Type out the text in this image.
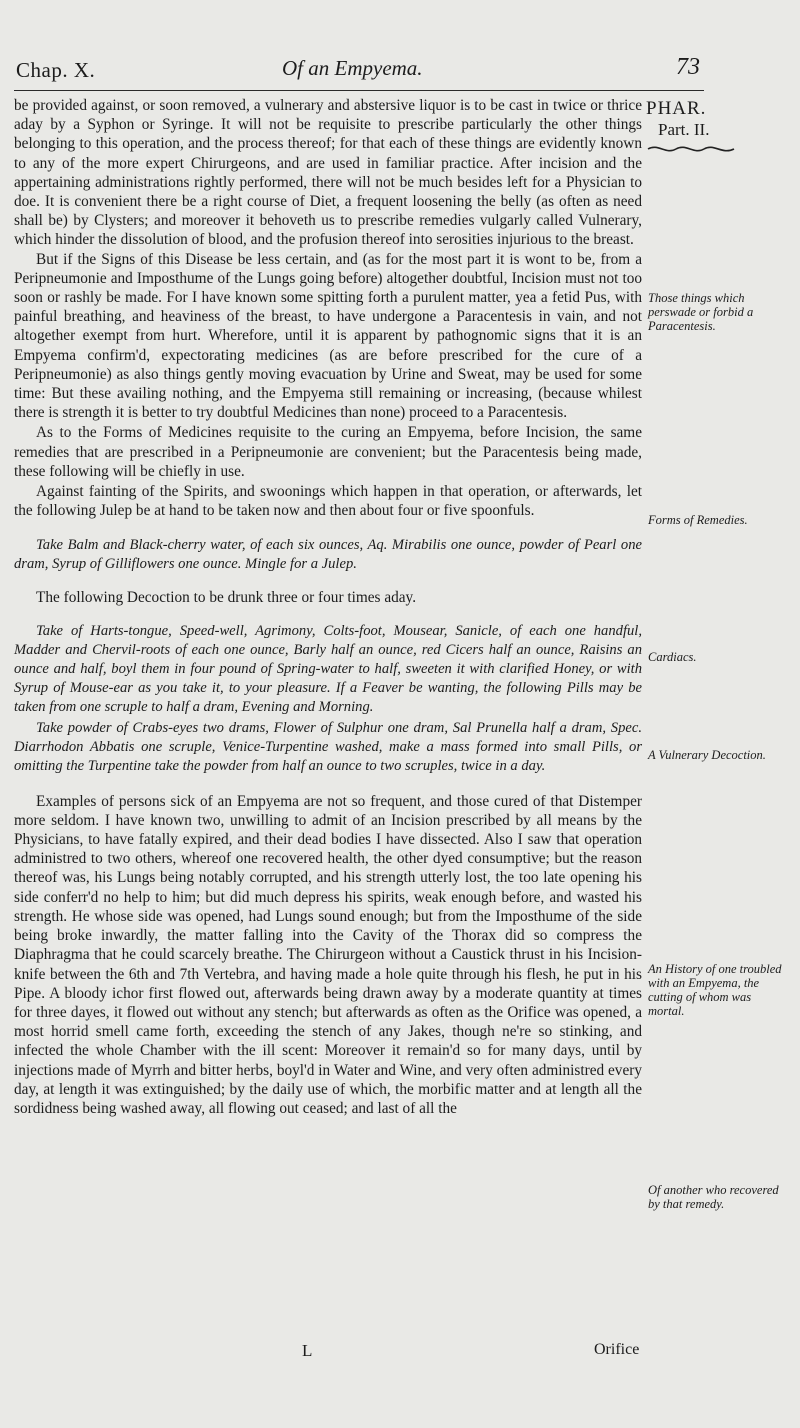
Chap. X.	Of an Empyema.	73
PHAR.
Part. II.

be provided against, or soon removed, a vulnerary and abstersive liquor is to be cast in twice or thrice aday by a Syphon or Syringe. It will not be requisite to prescribe particularly the other things belonging to this operation, and the process thereof; for that each of these things are evidently known to any of the more expert Chirurgeons, and are used in familiar practice. After incision and the appertaining administrations rightly performed, there will not be much besides left for a Physician to doe. It is convenient there be a right course of Diet, a frequent loosening the belly (as often as need shall be) by Clysters; and moreover it behoveth us to prescribe remedies vulgarly called Vulnerary, which hinder the dissolution of blood, and the profusion thereof into serosities injurious to the breast.

But if the Signs of this Disease be less certain, and (as for the most part it is wont to be, from a Peripneumonie and Imposthume of the Lungs going before) altogether doubtful, Incision must not too soon or rashly be made. For I have known some spitting forth a purulent matter, yea a fetid Pus, with painful breathing, and heaviness of the breast, to have undergone a Paracentesis in vain, and not altogether exempt from hurt. Wherefore, until it is apparent by pathognomic signs that it is an Empyema confirm'd, expectorating medicines (as are before prescribed for the cure of a Peripneumonie) as also things gently moving evacuation by Urine and Sweat, may be used for some time: But these availing nothing, and the Empyema still remaining or increasing, (because whilest there is strength it is better to try doubtful Medicines than none) proceed to a Paracentesis.

As to the Forms of Medicines requisite to the curing an Empyema, before Incision, the same remedies that are prescribed in a Peripneumonie are convenient; but the Paracentesis being made, these following will be chiefly in use.

Against fainting of the Spirits, and swoonings which happen in that operation, or afterwards, let the following Julep be at hand to be taken now and then about four or five spoonfuls.

Take Balm and Black-cherry water, of each six ounces, Aq. Mirabilis one ounce, powder of Pearl one dram, Syrup of Gilliflowers one ounce. Mingle for a Julep.

The following Decoction to be drunk three or four times aday.

Take of Harts-tongue, Speed-well, Agrimony, Colts-foot, Mousear, Sanicle, of each one handful, Madder and Chervil-roots of each one ounce, Barly half an ounce, red Cicers half an ounce, Raisins an ounce and half, boyl them in four pound of Spring-water to half, sweeten it with clarified Honey, or with Syrup of Mouse-ear as you take it, to your pleasure. If a Feaver be wanting, the following Pills may be taken from one scruple to half a dram, Evening and Morning.

Take powder of Crabs-eyes two drams, Flower of Sulphur one dram, Sal Prunella half a dram, Spec. Diarrhodon Abbatis one scruple, Venice-Turpentine washed, make a mass formed into small Pills, or omitting the Turpentine take the powder from half an ounce to two scruples, twice in a day.

Examples of persons sick of an Empyema are not so frequent, and those cured of that Distemper more seldom. I have known two, unwilling to admit of an Incision prescribed by all means by the Physicians, to have fatally expired, and their dead bodies I have dissected. Also I saw that operation administred to two others, whereof one recovered health, the other dyed consumptive; but the reason thereof was, his Lungs being notably corrupted, and his strength utterly lost, the too late opening his side conferr'd no help to him; but did much depress his spirits, weak enough before, and wasted his strength. He whose side was opened, had Lungs sound enough; but from the Imposthume of the side being broke inwardly, the matter falling into the Cavity of the Thorax did so compress the Diaphragma that he could scarcely breathe. The Chirurgeon without a Caustick thrust in his Incision-knife between the 6th and 7th Vertebra, and having made a hole quite through his flesh, he put in his Pipe. A bloody ichor first flowed out, afterwards being drawn away by a moderate quantity at times for three dayes, it flowed out without any stench; but afterwards as often as the Orifice was opened, a most horrid smell came forth, exceeding the stench of any Jakes, though ne're so stinking, and infected the whole Chamber with the ill scent: Moreover it remain'd so for many days, until by injections made of Myrrh and bitter herbs, boyl'd in Water and Wine, and very often administred every day, at length it was extinguished; by the daily use of which, the morbific matter and at length all the sordidness being washed away, all flowing out ceased; and last of all the

Those things which perswade or forbid a Paracentesis.
Forms of Remedies.
Cardiacs.
A Vulnerary Decoction.
An History of one troubled with an Empyema, the cutting of whom was mortal.
Of another who recovered by that remedy.
L	Orifice
